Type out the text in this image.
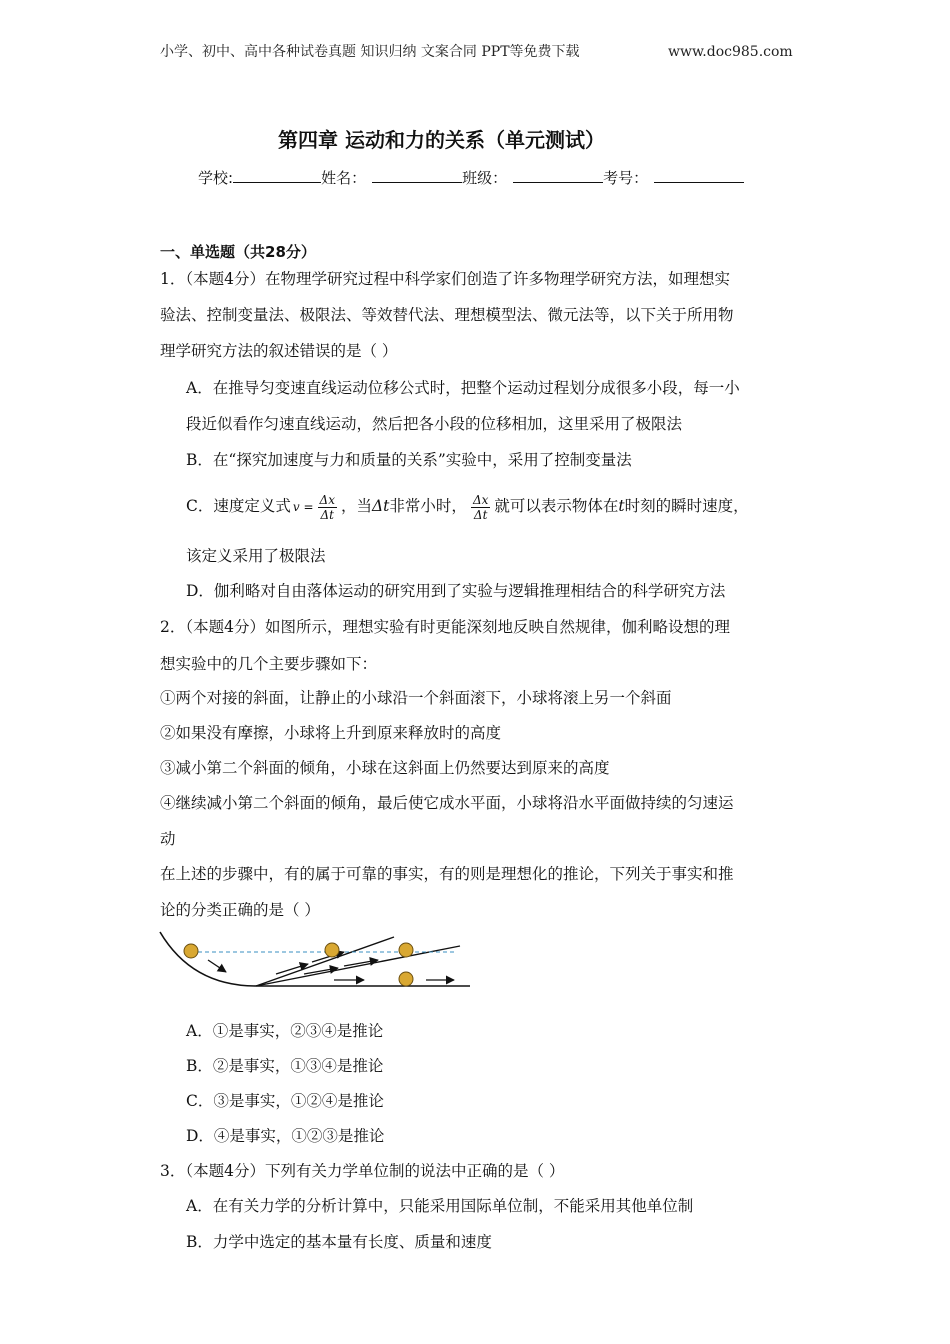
小学、初中、高中各种试卷真题 知识归纳 文案合同 PPT等免费下载	www.doc985.com
第四章 运动和力的关系（单元测试）
学校:	姓名：	班级：	考号：
一、单选题（共28分）
1．（本题4分）在物理学研究过程中科学家们创造了许多物理学研究方法，如理想实
验法、控制变量法、极限法、等效替代法、理想模型法、微元法等，以下关于所用物
理学研究方法的叙述错误的是（ ）
A．在推导匀变速直线运动位移公式时，把整个运动过程划分成很多小段，每一小
段近似看作匀速直线运动，然后把各小段的位移相加，这里采用了极限法
B．在“探究加速度与力和质量的关系”实验中，采用了控制变量法
C．速度定义式 $v = \frac{\Delta x}{\Delta t}$ ，当Δt非常小时， $\frac{\Delta x}{\Delta t}$ 就可以表示物体在t时刻的瞬时速度，
该定义采用了极限法
D．伽利略对自由落体运动的研究用到了实验与逻辑推理相结合的科学研究方法
2．（本题4分）如图所示，理想实验有时更能深刻地反映自然规律，伽利略设想的理
想实验中的几个主要步骤如下：
①两个对接的斜面，让静止的小球沿一个斜面滚下，小球将滚上另一个斜面
②如果没有摩擦，小球将上升到原来释放时的高度
③减小第二个斜面的倾角，小球在这斜面上仍然要达到原来的高度
④继续减小第二个斜面的倾角，最后使它成水平面，小球将沿水平面做持续的匀速运
动
在上述的步骤中，有的属于可靠的事实，有的则是理想化的推论，下列关于事实和推
论的分类正确的是（ ）
A．①是事实，②③④是推论
B．②是事实，①③④是推论
C．③是事实，①②④是推论
D．④是事实，①②③是推论
3．（本题4分）下列有关力学单位制的说法中正确的是（ ）
A．在有关力学的分析计算中，只能采用国际单位制，不能采用其他单位制
B．力学中选定的基本量有长度、质量和速度
